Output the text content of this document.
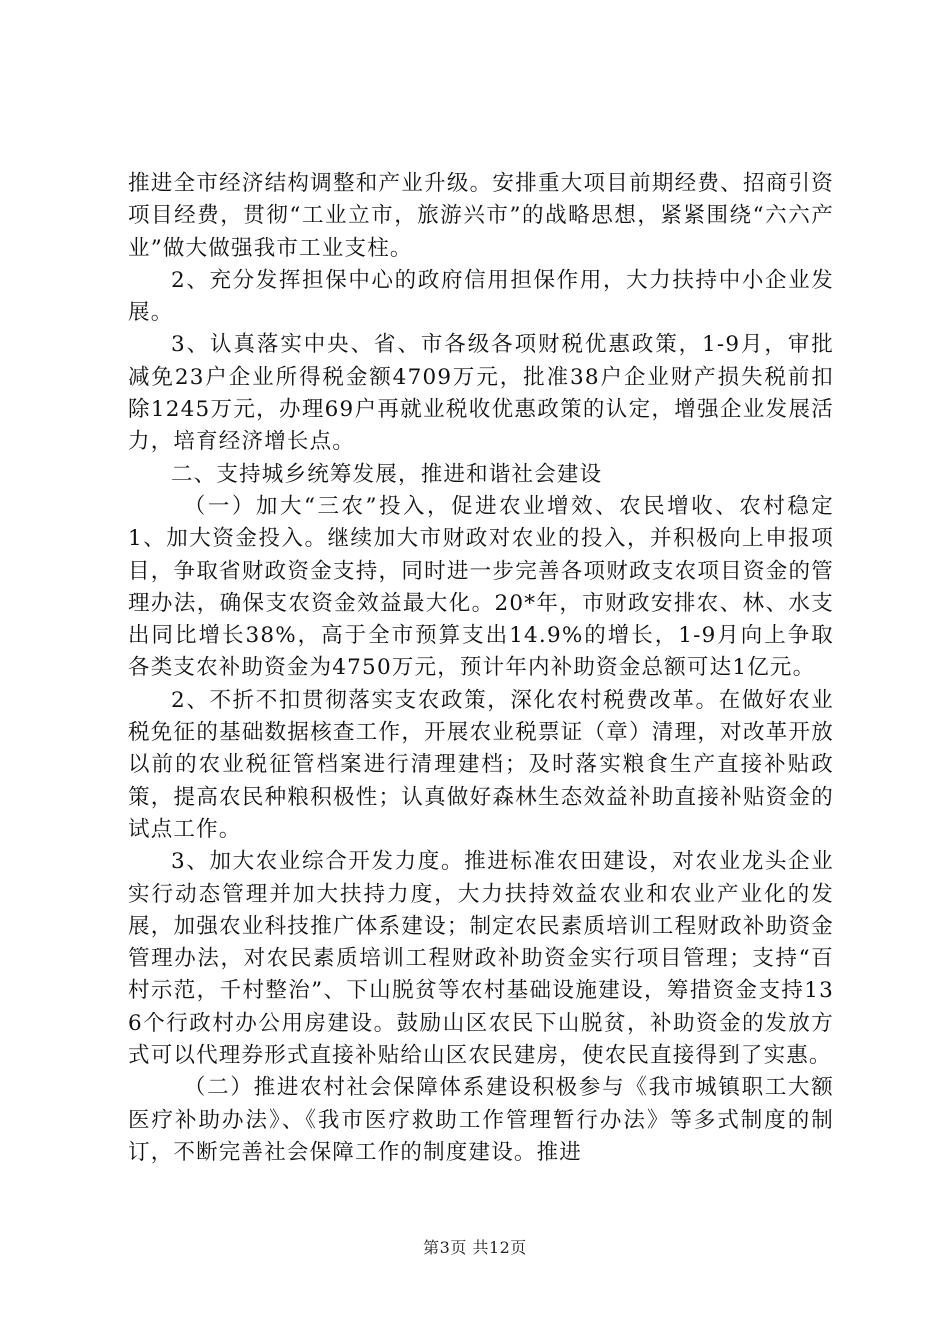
推进全市经济结构调整和产业升级。安排重大项目前期经费、招商引资项目经费，贯彻“工业立市，旅游兴市”的战略思想，紧紧围绕“六六产业”做大做强我市工业支柱。

2、充分发挥担保中心的政府信用担保作用，大力扶持中小企业发展。

3、认真落实中央、省、市各级各项财税优惠政策，1-9月，审批减免23户企业所得税金额4709万元，批准38户企业财产损失税前扣除1245万元，办理69户再就业税收优惠政策的认定，增强企业发展活力，培育经济增长点。

二、支持城乡统筹发展，推进和谐社会建设

（一）加大“三农”投入，促进农业增效、农民增收、农村稳定1、加大资金投入。继续加大市财政对农业的投入，并积极向上申报项目，争取省财政资金支持，同时进一步完善各项财政支农项目资金的管理办法，确保支农资金效益最大化。20*年，市财政安排农、林、水支出同比增长38%，高于全市预算支出14.9%的增长，1-9月向上争取各类支农补助资金为4750万元，预计年内补助资金总额可达1亿元。

2、不折不扣贯彻落实支农政策，深化农村税费改革。在做好农业税免征的基础数据核查工作，开展农业税票证（章）清理，对改革开放以前的农业税征管档案进行清理建档；及时落实粮食生产直接补贴政策，提高农民种粮积极性；认真做好森林生态效益补助直接补贴资金的试点工作。

3、加大农业综合开发力度。推进标准农田建设，对农业龙头企业实行动态管理并加大扶持力度，大力扶持效益农业和农业产业化的发展，加强农业科技推广体系建设；制定农民素质培训工程财政补助资金管理办法，对农民素质培训工程财政补助资金实行项目管理；支持“百村示范，千村整治”、下山脱贫等农村基础设施建设，筹措资金支持136个行政村办公用房建设。鼓励山区农民下山脱贫，补助资金的发放方式可以代理券形式直接补贴给山区农民建房，使农民直接得到了实惠。

（二）推进农村社会保障体系建设积极参与《我市城镇职工大额医疗补助办法》、《我市医疗救助工作管理暂行办法》等多式制度的制订，不断完善社会保障工作的制度建设。推进

第3页 共12页
